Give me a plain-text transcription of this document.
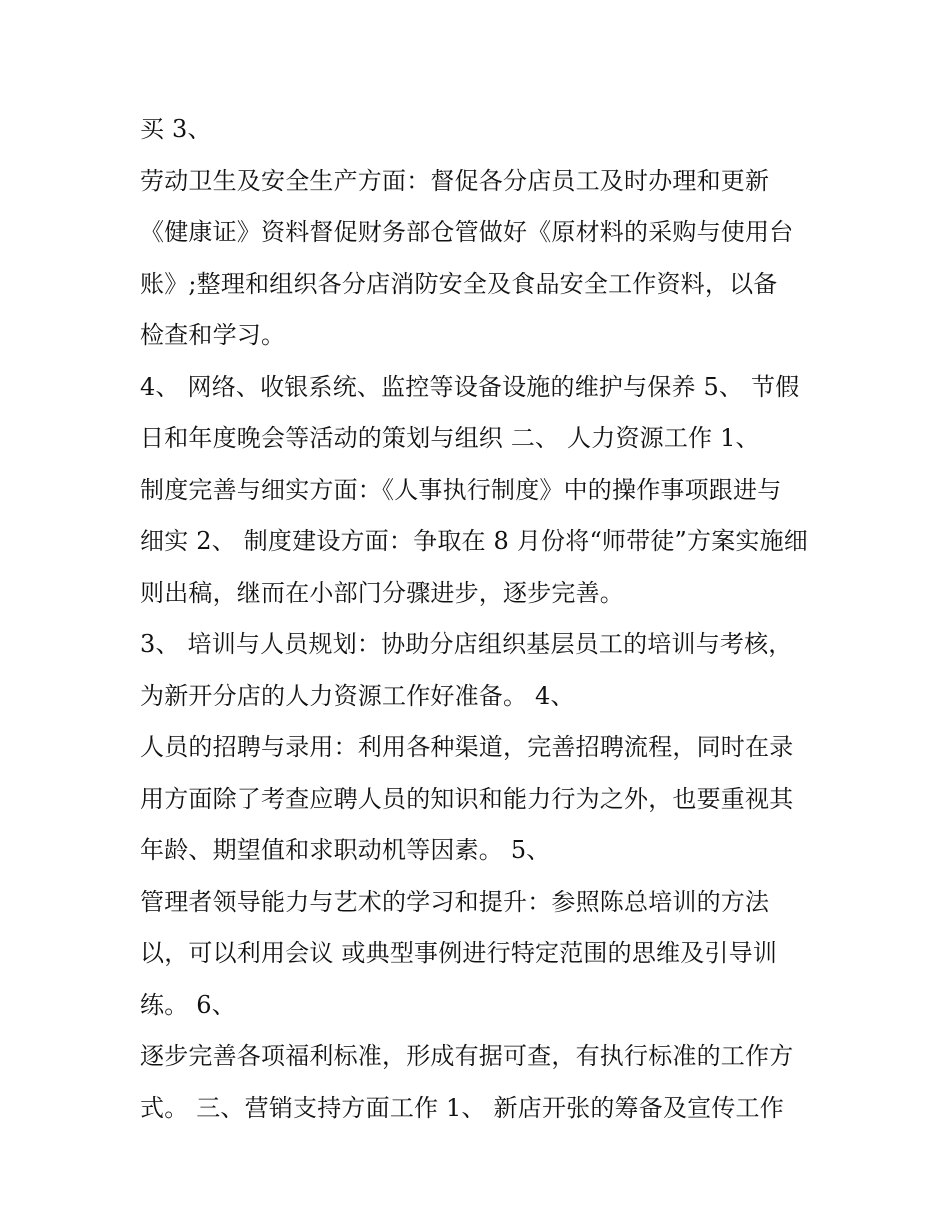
买 3、
劳动卫生及安全生产方面：督促各分店员工及时办理和更新
《健康证》资料督促财务部仓管做好《原材料的采购与使用台
账》;整理和组织各分店消防安全及食品安全工作资料，以备
检查和学习。
4、 网络、收银系统、监控等设备设施的维护与保养 5、 节假
日和年度晚会等活动的策划与组织 二、 人力资源工作 1、
制度完善与细实方面：《人事执行制度》中的操作事项跟进与
细实 2、 制度建设方面：争取在 8 月份将“师带徒”方案实施细
则出稿，继而在小部门分骤进步，逐步完善。
3、 培训与人员规划：协助分店组织基层员工的培训与考核，
为新开分店的人力资源工作好准备。 4、
人员的招聘与录用：利用各种渠道，完善招聘流程，同时在录
用方面除了考查应聘人员的知识和能力行为之外，也要重视其
年龄、期望值和求职动机等因素。 5、
管理者领导能力与艺术的学习和提升：参照陈总培训的方法
以，可以利用会议 或典型事例进行特定范围的思维及引导训
练。 6、
逐步完善各项福利标准，形成有据可查，有执行标准的工作方
式。 三、营销支持方面工作 1、 新店开张的筹备及宣传工作
